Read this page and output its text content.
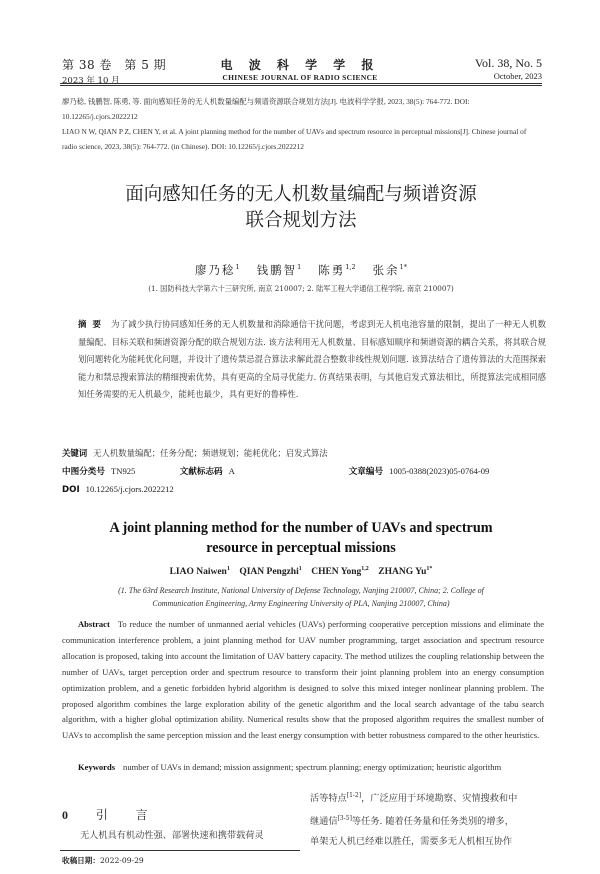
第 38 卷　第 5 期
2023 年 10 月
电 波 科 学 学 报
CHINESE JOURNAL OF RADIO SCIENCE
Vol. 38, No. 5
October, 2023
廖乃稔, 钱鹏智, 陈勇, 等. 面向感知任务的无人机数量编配与频谱资源联合规划方法[J]. 电波科学学报, 2023, 38(5): 764-772. DOI:
10.12265/j.cjors.2022212
LIAO N W, QIAN P Z, CHEN Y, et al. A joint planning method for the number of UAVs and spectrum resource in perceptual missions[J]. Chinese journal of
radio science, 2023, 38(5): 764-772. (in Chinese). DOI: 10.12265/j.cjors.2022212
面向感知任务的无人机数量编配与频谱资源
联合规划方法
廖乃稔$^1$ 钱鹏智$^1$ 陈勇$^{1,2}$ 张余$^{1*}$
(1. 国防科技大学第六十三研究所, 南京 210007; 2. 陆军工程大学通信工程学院, 南京 210007)
摘要 为了减少执行协同感知任务的无人机数量和消除通信干扰问题，考虑到无人机电池容量的限制，提出了一种无人机数量编配、目标关联和频谱资源分配的联合规划方法. 该方法利用无人机数量、目标感知顺序和频谱资源的耦合关系，将其联合规划问题转化为能耗优化问题，并设计了遗传禁忌混合算法求解此混合整数非线性规划问题. 该算法结合了遗传算法的大范围探索能力和禁忌搜索算法的精细搜索优势，具有更高的全局寻优能力. 仿真结果表明，与其他启发式算法相比，所提算法完成相同感知任务需要的无人机最少，能耗也最少，具有更好的鲁棒性.
关键词 无人机数量编配；任务分配；频谱规划；能耗优化；启发式算法
中图分类号 TN925	文献标志码 A	文章编号 1005-0388(2023)05-0764-09
DOI 10.12265/j.cjors.2022212
A joint planning method for the number of UAVs and spectrum
resource in perceptual missions
LIAO Naiwen$^1$ QIAN Pengzhi$^1$ CHEN Yong$^{1,2}$ ZHANG $Yu^{1*}$
(1. The 63rd Research Institute, National University of Defense Technology, Nanjing 210007, China; 2. College of
Communication Engineering, Army Engineering University of PLA, Nanjing 210007, China)
Abstract To reduce the number of unmanned aerial vehicles (UAVs) performing cooperative perception missions and eliminate the communication interference problem, a joint planning method for UAV number programming, target association and spectrum resource allocation is proposed, taking into account the limitation of UAV battery capacity. The method utilizes the coupling relationship between the number of UAVs, target perception order and spectrum resource to transform their joint planning problem into an energy consumption optimization problem, and a genetic forbidden hybrid algorithm is designed to solve this mixed integer nonlinear planning problem. The proposed algorithm combines the large exploration ability of the genetic algorithm and the local search advantage of the tabu search algorithm, with a higher global optimization ability. Numerical results show that the proposed algorithm requires the smallest number of UAVs to accomplish the same perception mission and the least energy consumption with better robustness compared to the other heuristics.
Keywords number of UAVs in demand; mission assignment; spectrum planning; energy optimization; heuristic algorithm
0 引 言
无人机具有机动性强、部署快速和携带载荷灵
活等特点[1-2]，广泛应用于环境勘察、灾情搜救和中
继通信[3-5]等任务. 随着任务量和任务类别的增多，
单架无人机已经难以胜任，需要多无人机相互协作
收稿日期：2022-09-29
